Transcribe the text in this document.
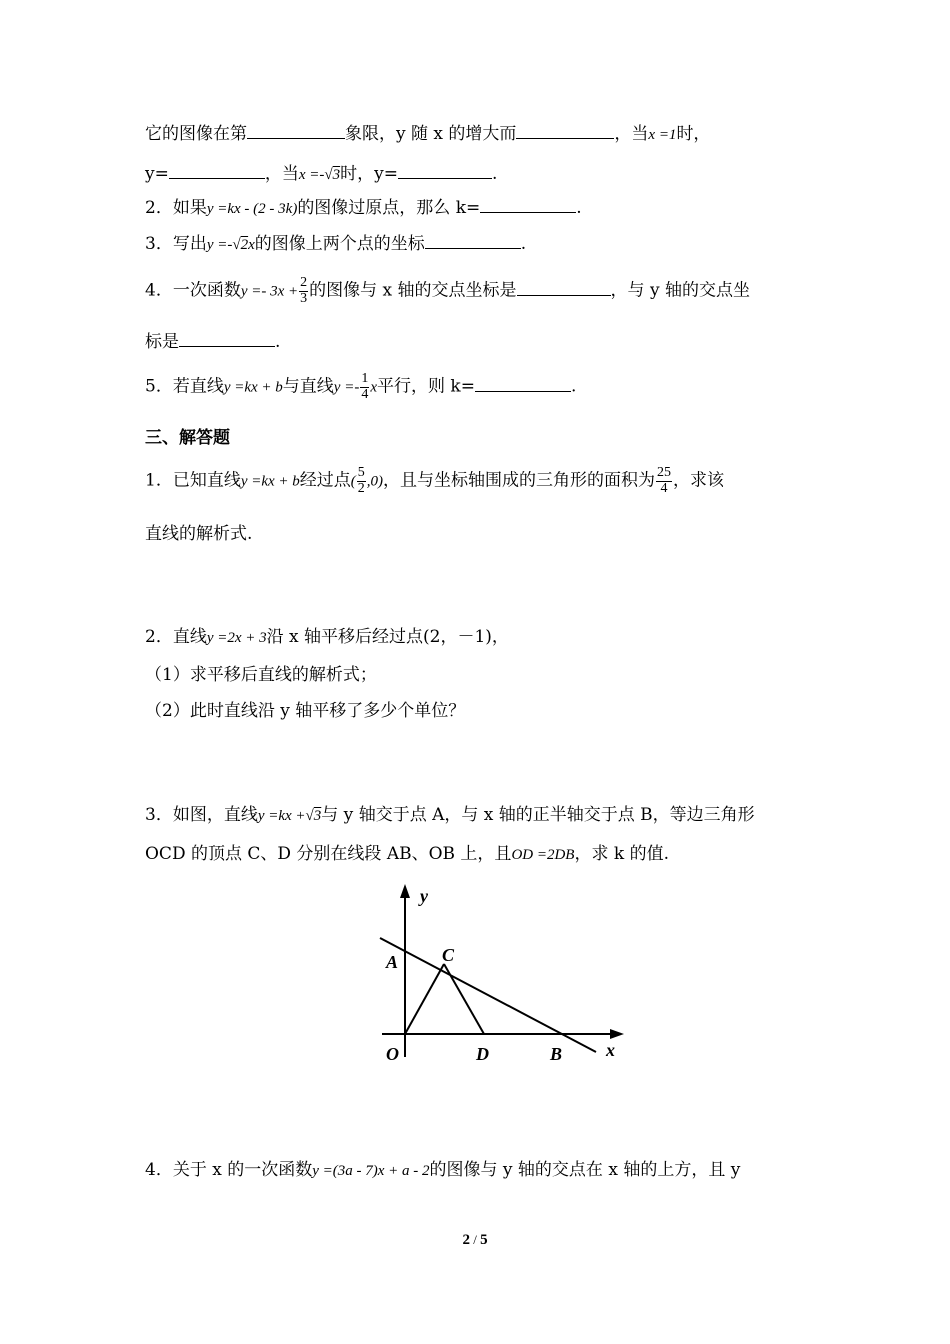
它的图像在第	象限，y 随 x 的增大而	，当x =1时，
y=	，当x =-√3时，y=	.
2．如果y =kx - (2 - 3k)的图像过原点，那么 k=	.
3．写出y =-√2x的图像上两个点的坐标	.
4．一次函数$y =- 3x + \frac{2}{3}$ 的图像与 x 轴的交点坐标是	，与 y 轴的交点坐
标是	.
5．若直线y =kx + b与直线$y =- \frac{1}{4}$ x平行，则 k=	.
三、解答题
1．已知直线y =kx + b经过点( $\frac{5}{2} ,0$)，且与坐标轴围成的三角形的面积为 $\frac{25}{4}$ ，求该
直线的解析式.
2．直线y =2x + 3沿 x 轴平移后经过点(2，－1)，
（1）求平移后直线的解析式；
（2）此时直线沿 y 轴平移了多少个单位？
3．如图，直线y =kx +√3与 y 轴交于点 A，与 x 轴的正半轴交于点 B，等边三角形
OCD 的顶点 C、D 分别在线段 AB、OB 上，且OD =2DB，求 k 的值.
y
x
A C
O	D	B
4．关于 x 的一次函数y =(3a - 7)x + a - 2的图像与 y 轴的交点在 x 轴的上方，且 y
2 / 5
